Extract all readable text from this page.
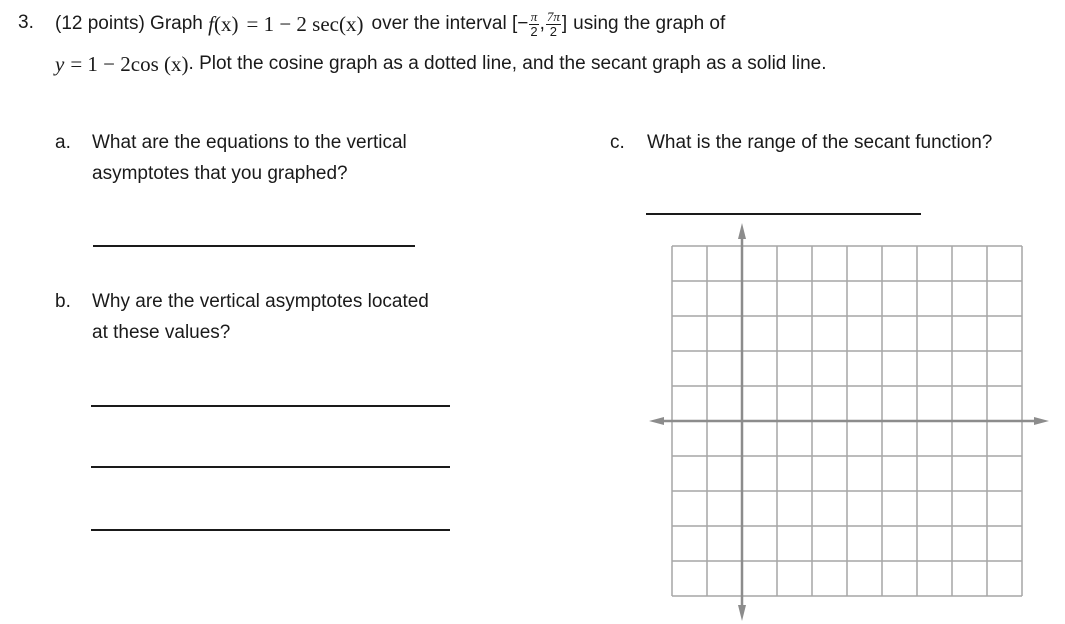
3. (12 points) Graph f (x) = 1 − 2 sec (x) over the interval [− $\frac{\pi}{2}$ , $\frac{7\pi}{2}$ ] using the graph of
y = 1 − 2cos (x) . Plot the cosine graph as a dotted line, and the secant graph as a solid line.
a. What are the equations to the vertical
asymptotes that you graphed?
b. Why are the vertical asymptotes located
at these values?
c. What is the range of the secant function?
